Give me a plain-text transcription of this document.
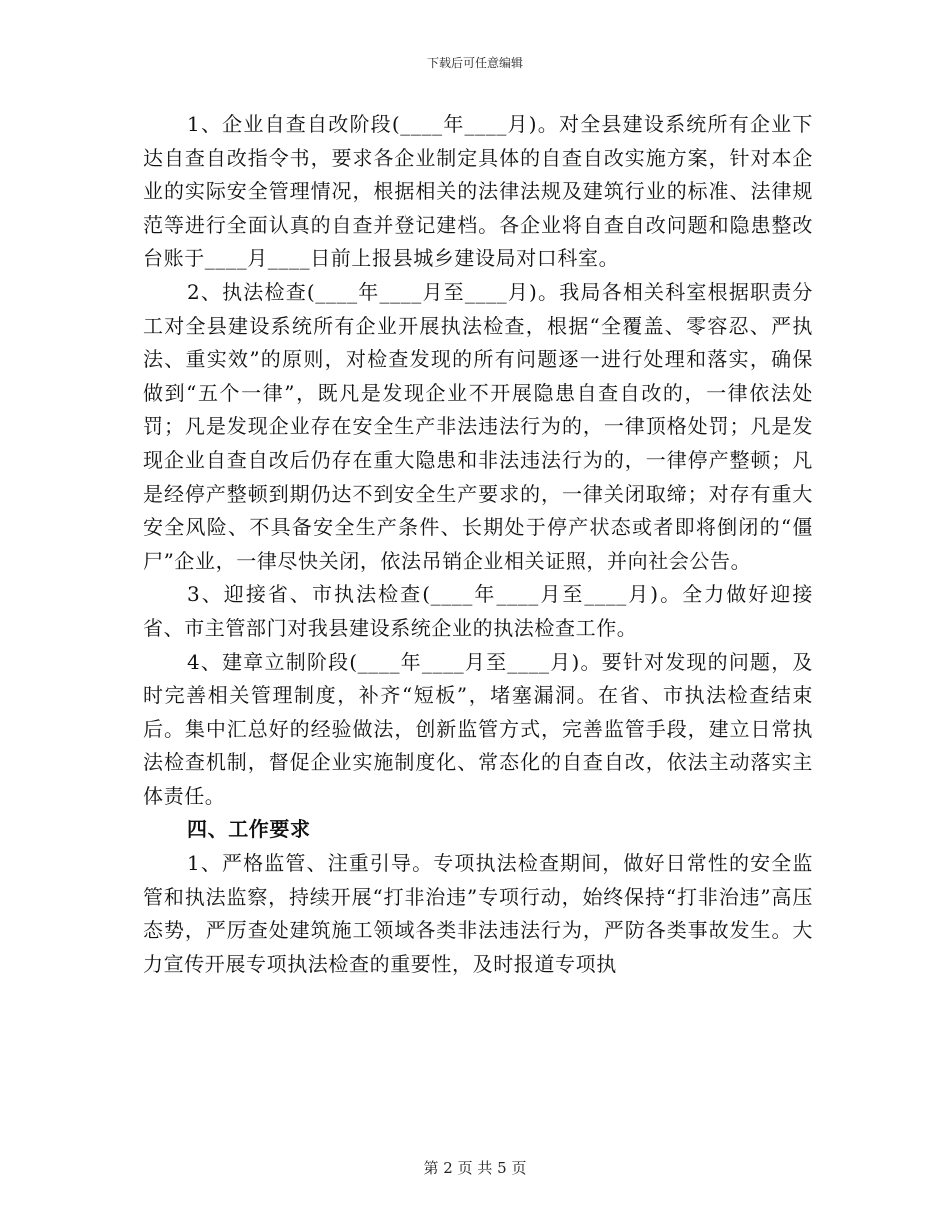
下载后可任意编辑

1、企业自查自改阶段(____年____月)。对全县建设系统所有企业下达自查自改指令书，要求各企业制定具体的自查自改实施方案，针对本企业的实际安全管理情况，根据相关的法律法规及建筑行业的标准、法律规范等进行全面认真的自查并登记建档。各企业将自查自改问题和隐患整改台账于____月____日前上报县城乡建设局对口科室。

2、执法检查(____年____月至____月)。我局各相关科室根据职责分工对全县建设系统所有企业开展执法检查，根据“全覆盖、零容忍、严执法、重实效”的原则，对检查发现的所有问题逐一进行处理和落实，确保做到“五个一律”，既凡是发现企业不开展隐患自查自改的，一律依法处罚；凡是发现企业存在安全生产非法违法行为的，一律顶格处罚；凡是发现企业自查自改后仍存在重大隐患和非法违法行为的，一律停产整顿；凡是经停产整顿到期仍达不到安全生产要求的，一律关闭取缔；对存有重大安全风险、不具备安全生产条件、长期处于停产状态或者即将倒闭的“僵尸”企业，一律尽快关闭，依法吊销企业相关证照，并向社会公告。

3、迎接省、市执法检查(____年____月至____月)。全力做好迎接省、市主管部门对我县建设系统企业的执法检查工作。

4、建章立制阶段(____年____月至____月)。要针对发现的问题，及时完善相关管理制度，补齐“短板”，堵塞漏洞。在省、市执法检查结束后。集中汇总好的经验做法，创新监管方式，完善监管手段，建立日常执法检查机制，督促企业实施制度化、常态化的自查自改，依法主动落实主体责任。

四、工作要求

1、严格监管、注重引导。专项执法检查期间，做好日常性的安全监管和执法监察，持续开展“打非治违”专项行动，始终保持“打非治违”高压态势，严厉查处建筑施工领域各类非法违法行为，严防各类事故发生。大力宣传开展专项执法检查的重要性，及时报道专项执

第 2 页 共 5 页
